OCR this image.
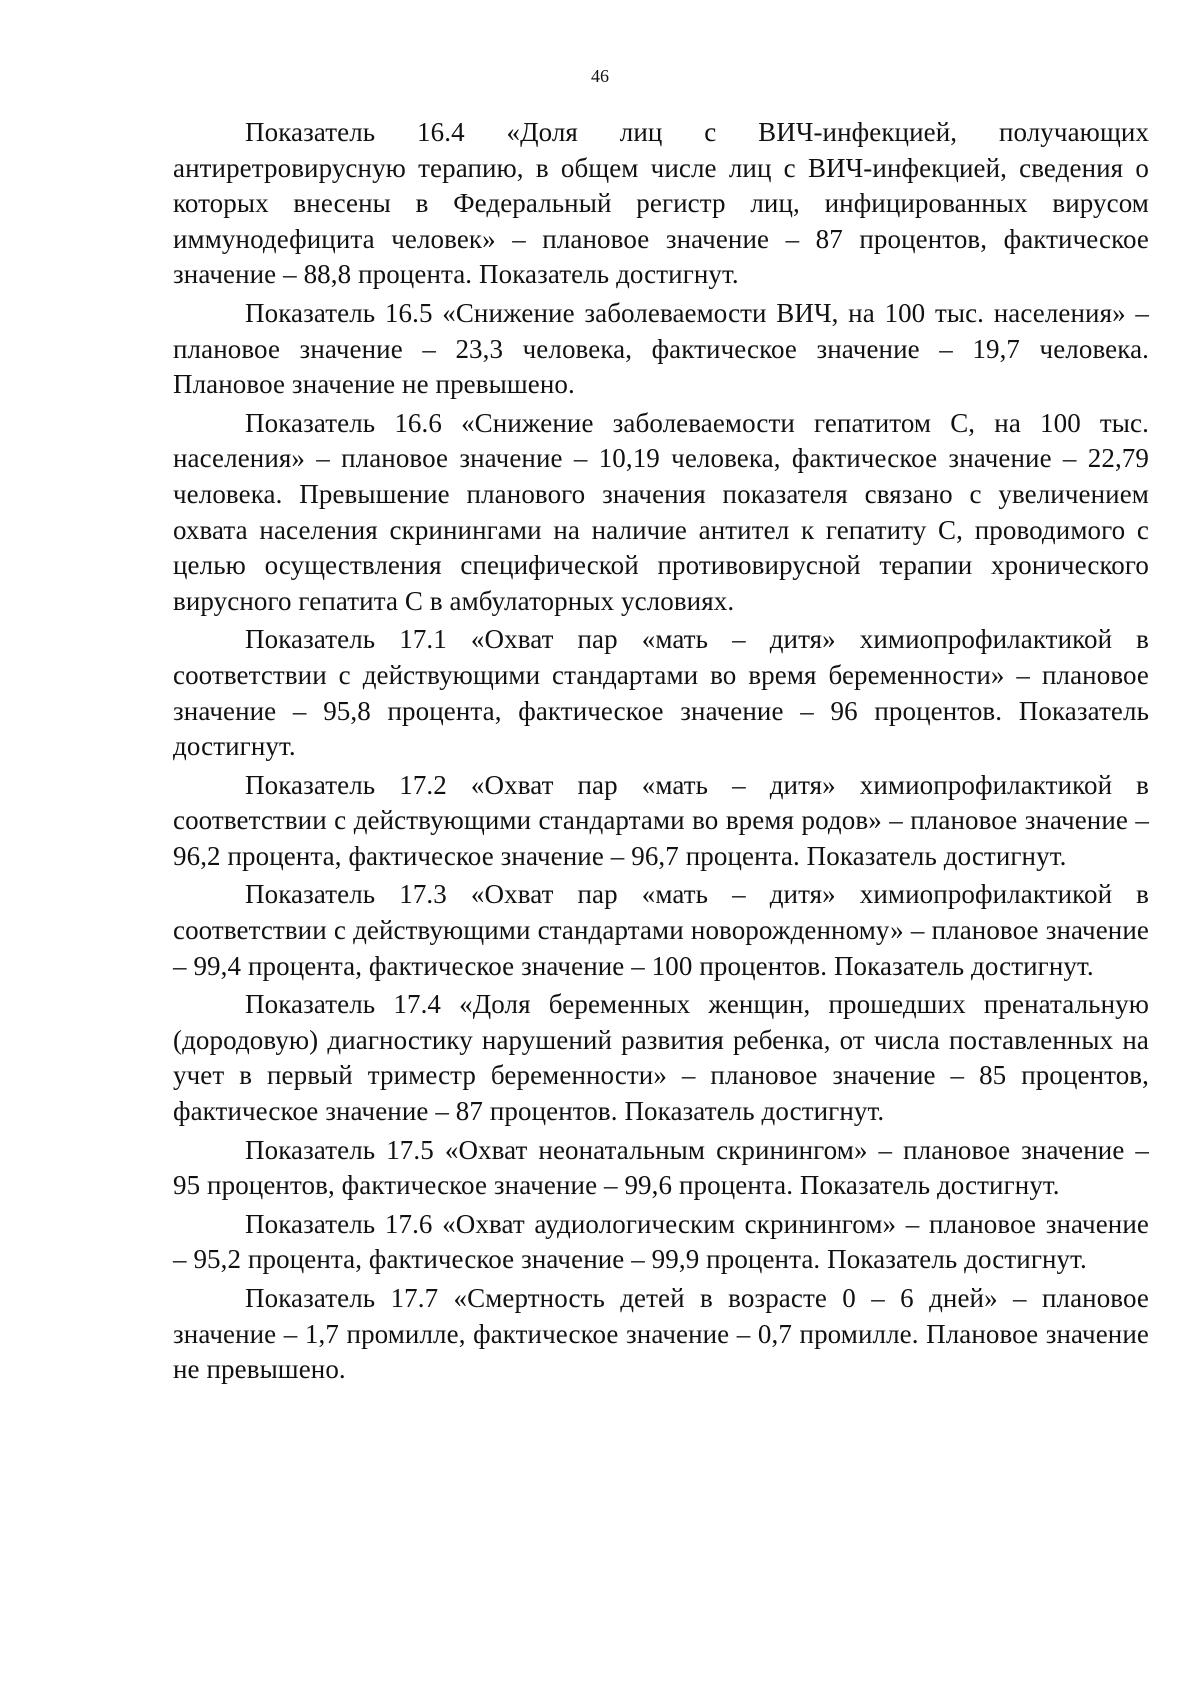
46

Показатель 16.4 «Доля лиц с ВИЧ-инфекцией, получающих антиретровирусную терапию, в общем числе лиц с ВИЧ-инфекцией, сведения о которых внесены в Федеральный регистр лиц, инфицированных вирусом иммунодефицита человек» – плановое значение – 87 процентов, фактическое значение – 88,8 процента. Показатель достигнут.

Показатель 16.5 «Снижение заболеваемости ВИЧ, на 100 тыс. населения» – плановое значение – 23,3 человека, фактическое значение – 19,7 человека. Плановое значение не превышено.

Показатель 16.6 «Снижение заболеваемости гепатитом С, на 100 тыс. населения» – плановое значение – 10,19 человека, фактическое значение – 22,79 человека. Превышение планового значения показателя связано с увеличением охвата населения скринингами на наличие антител к гепатиту С, проводимого с целью осуществления специфической противовирусной терапии хронического вирусного гепатита С в амбулаторных условиях.

Показатель 17.1 «Охват пар «мать – дитя» химиопрофилактикой в соответствии с действующими стандартами во время беременности» – плановое значение – 95,8 процента, фактическое значение – 96 процентов. Показатель достигнут.

Показатель 17.2 «Охват пар «мать – дитя» химиопрофилактикой в соответствии с действующими стандартами во время родов» – плановое значение – 96,2 процента, фактическое значение – 96,7 процента. Показатель достигнут.

Показатель 17.3 «Охват пар «мать – дитя» химиопрофилактикой в соответствии с действующими стандартами новорожденному» – плановое значение – 99,4 процента, фактическое значение – 100 процентов. Показатель достигнут.

Показатель 17.4 «Доля беременных женщин, прошедших пренатальную (дородовую) диагностику нарушений развития ребенка, от числа поставленных на учет в первый триместр беременности» – плановое значение – 85 процентов, фактическое значение – 87 процентов. Показатель достигнут.

Показатель 17.5 «Охват неонатальным скринингом» – плановое значение – 95 процентов, фактическое значение – 99,6 процента. Показатель достигнут.

Показатель 17.6 «Охват аудиологическим скринингом» – плановое значение – 95,2 процента, фактическое значение – 99,9 процента. Показатель достигнут.

Показатель 17.7 «Смертность детей в возрасте 0 – 6 дней» – плановое значение – 1,7 промилле, фактическое значение – 0,7 промилле. Плановое значение не превышено.
